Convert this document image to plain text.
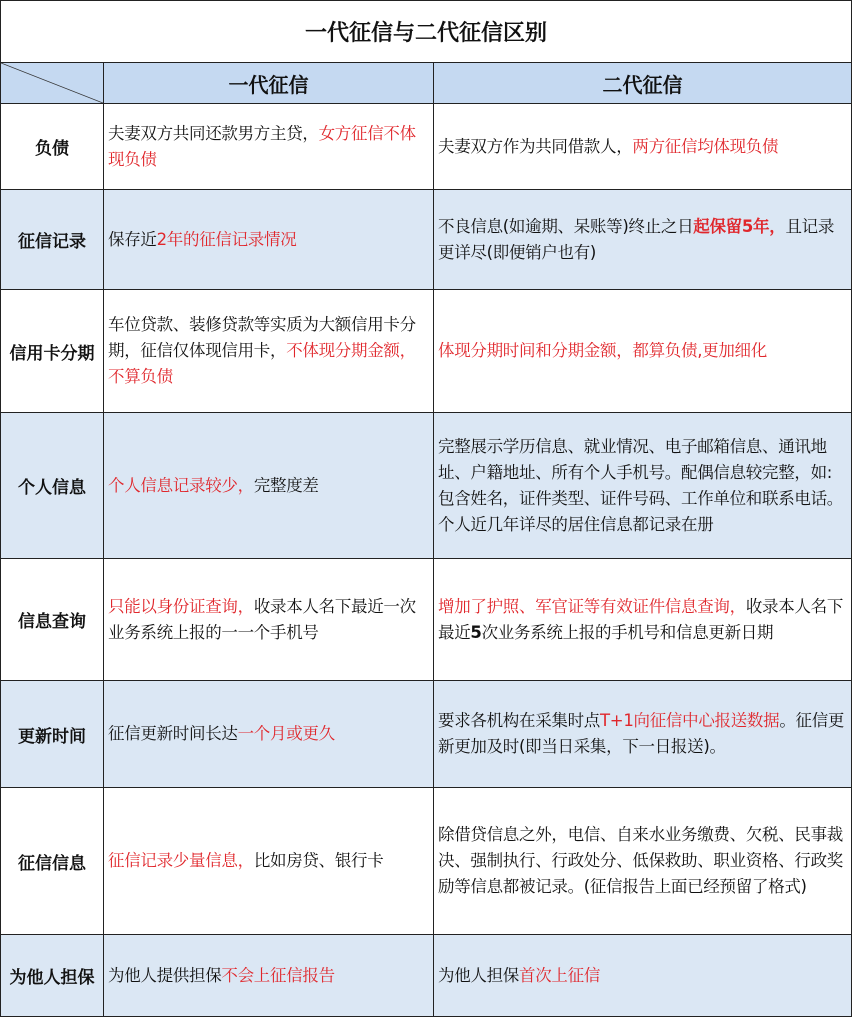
一代征信与二代征信区别		

	一代征信	二代征信
负债	夫妻双方共同还款男方主贷，女方征信不体现负债	夫妻双方作为共同借款人，两方征信均体现负债
征信记录	保存近2年的征信记录情况	不良信息(如逾期、呆账等)终止之日起保留5年，且记录更详尽(即便销户也有)
信用卡分期	车位贷款、装修贷款等实质为大额信用卡分期，征信仅体现信用卡，不体现分期金额，不算负债	体现分期时间和分期金额，都算负债,更加细化
个人信息	个人信息记录较少，完整度差	完整展示学历信息、就业情况、电子邮箱信息、通讯地址、户籍地址、所有个人手机号。配偶信息较完整，如:包含姓名，证件类型、证件号码、工作单位和联系电话。个人近几年详尽的居住信息都记录在册
信息查询	只能以身份证查询，收录本人名下最近一次业务系统上报的一一个手机号	增加了护照、军官证等有效证件信息查询，收录本人名下最近5次业务系统上报的手机号和信息更新日期
更新时间	征信更新时间长达一个月或更久	要求各机构在采集时点T+1向征信中心报送数据。征信更新更加及时(即当日采集，下一日报送)。
征信信息	征信记录少量信息，比如房贷、银行卡	除借贷信息之外，电信、自来水业务缴费、欠税、民事裁决、强制执行、行政处分、低保救助、职业资格、行政奖励等信息都被记录。(征信报告上面已经预留了格式)
为他人担保	为他人提供担保不会上征信报告	为他人担保首次上征信
